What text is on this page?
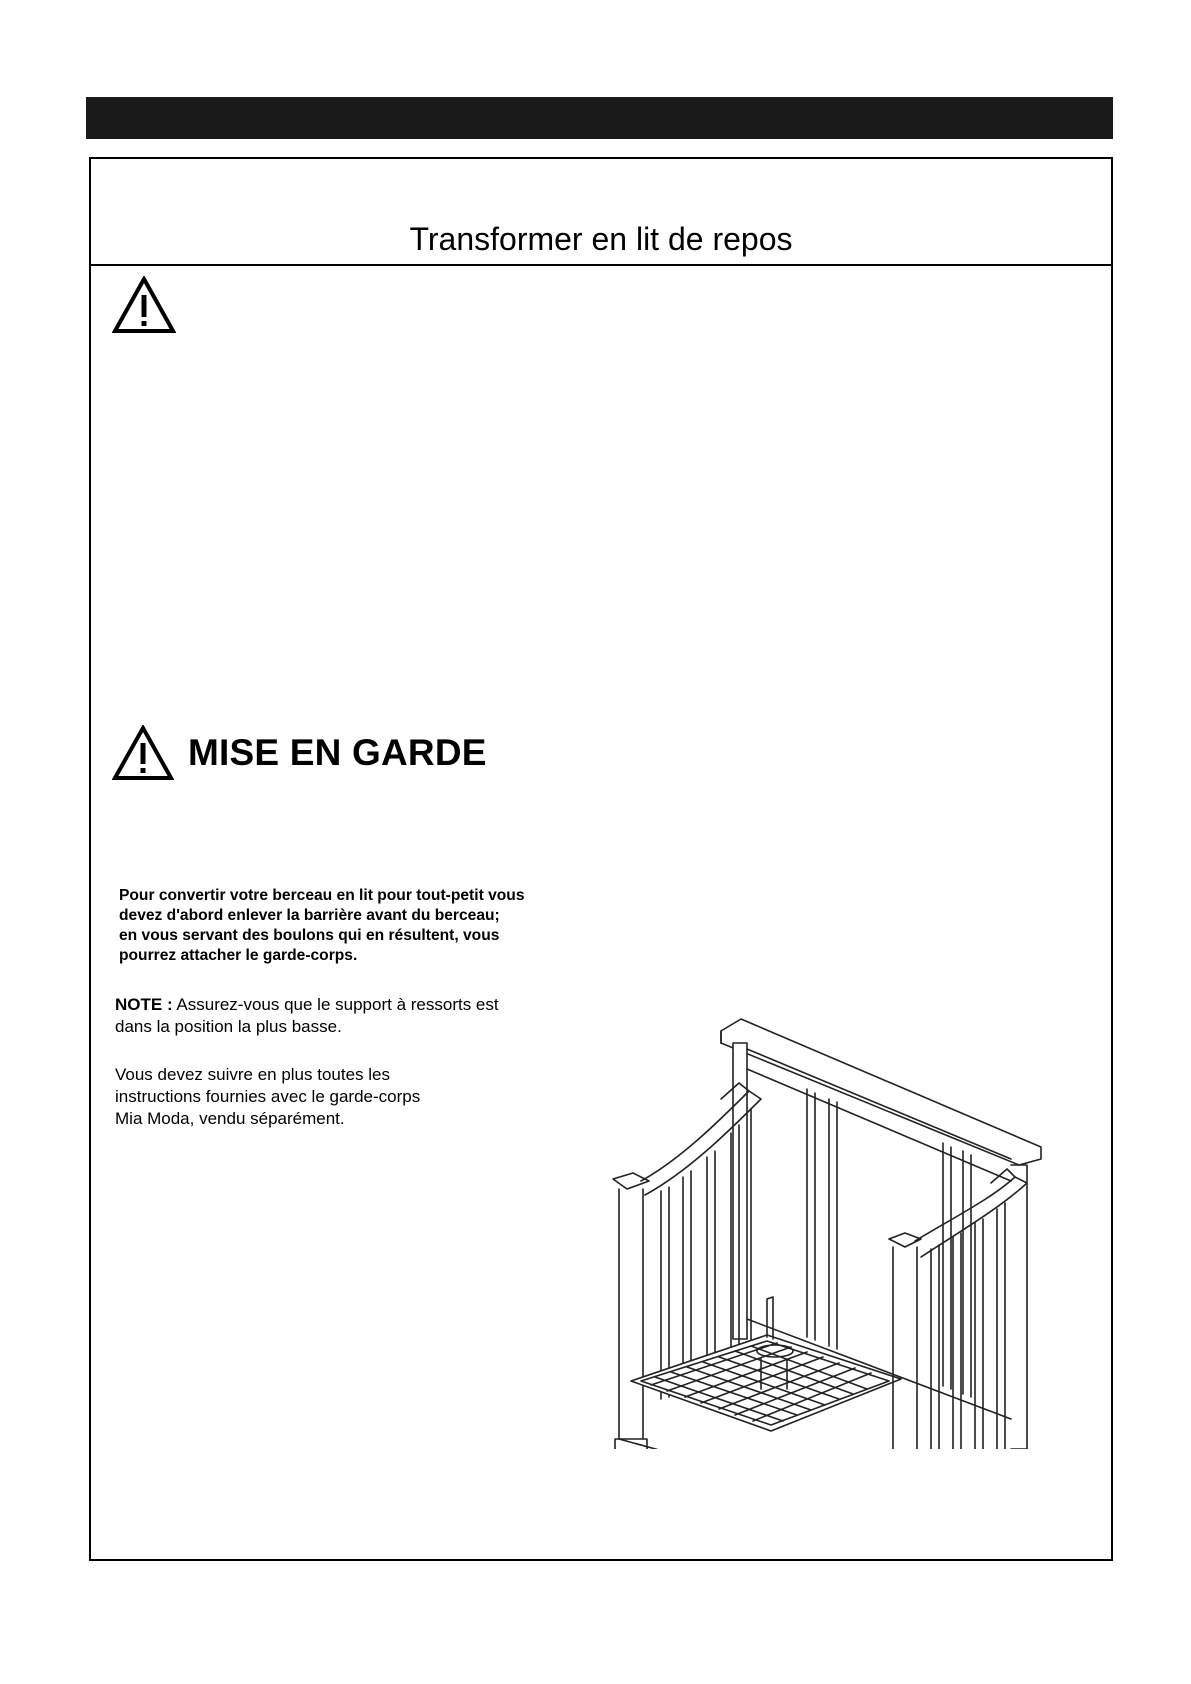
Transformer en lit de repos
MISE EN GARDE
Pour convertir votre berceau en lit pour tout-petit vous
devez d'abord enlever la barrière avant du berceau;
en vous servant des boulons qui en résultent, vous
pourrez attacher le garde-corps.
NOTE : Assurez-vous que le support à ressorts est
dans la position la plus basse.
Vous devez suivre en plus toutes les
instructions fournies avec le garde-corps
Mia Moda, vendu séparément.
